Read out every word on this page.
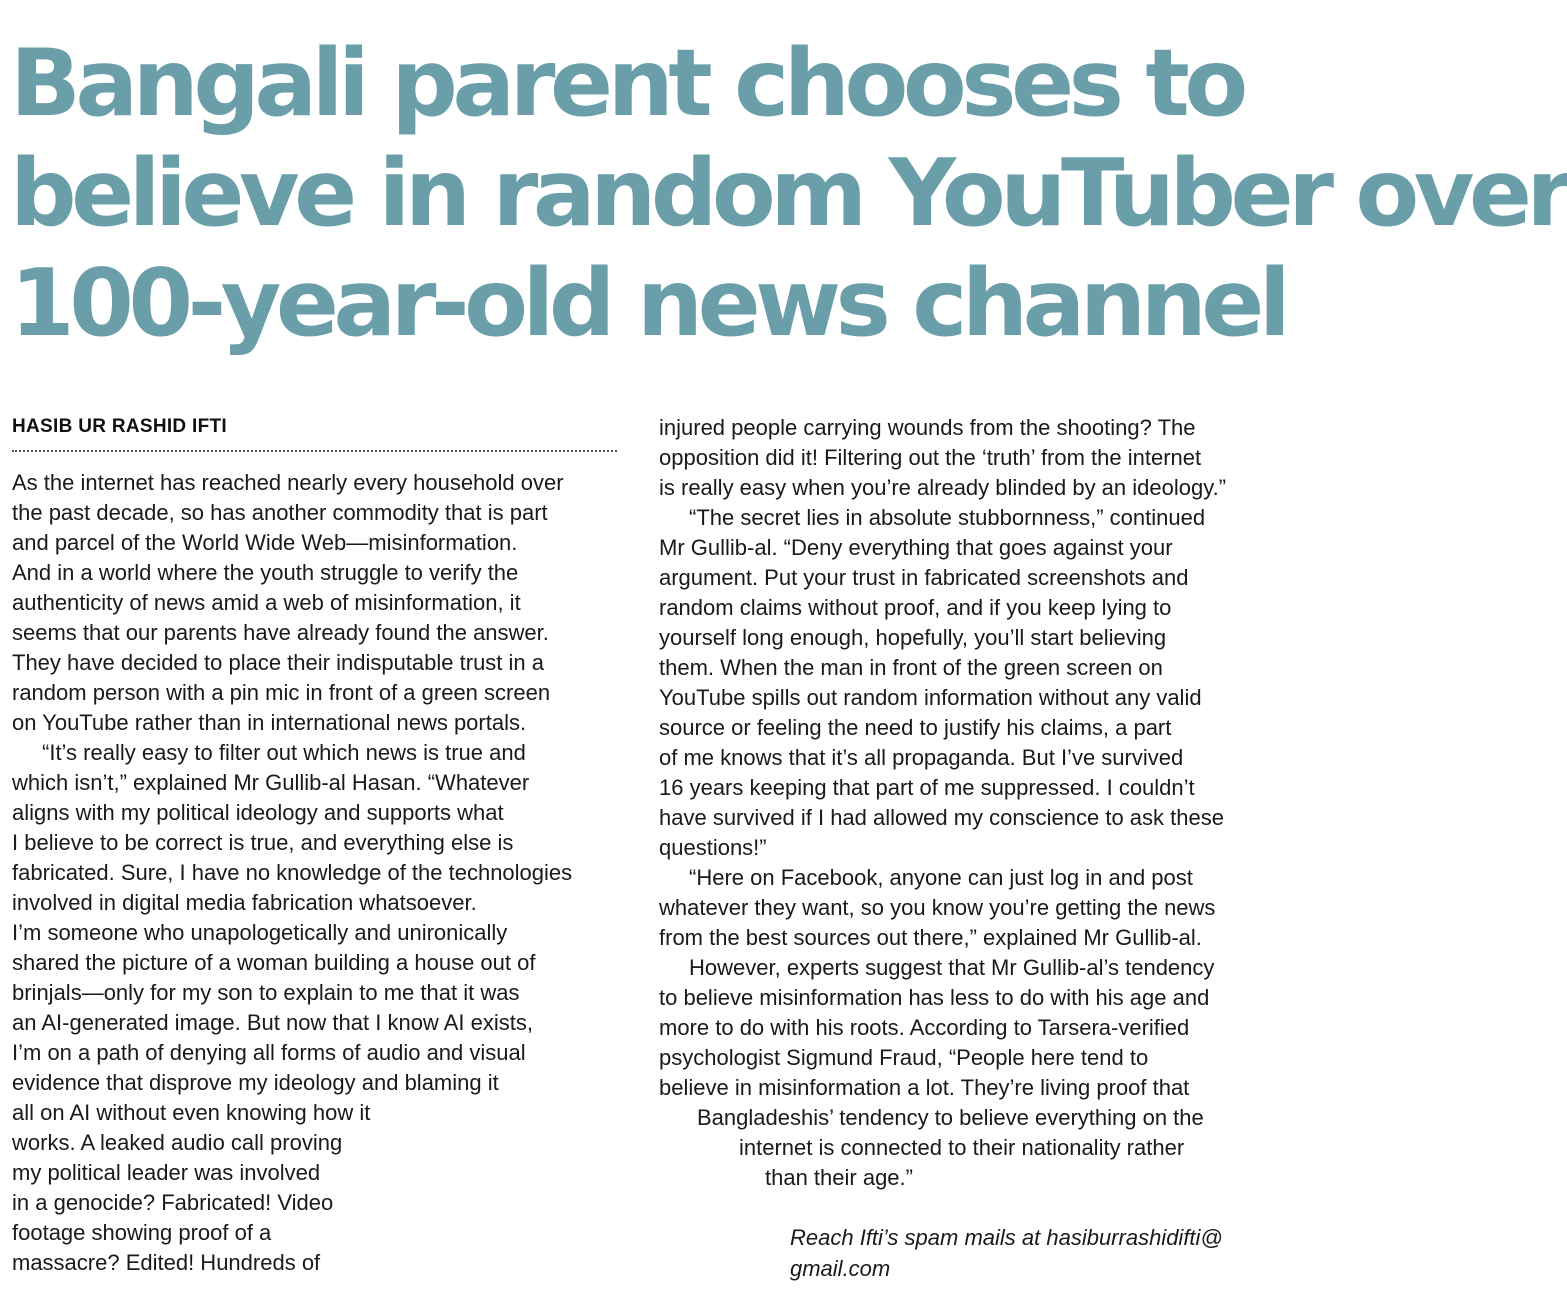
Bangali parent chooses to
believe in random YouTuber over
100-year-old news channel
HASIB UR RASHID IFTI
As the internet has reached nearly every household over
the past decade, so has another commodity that is part
and parcel of the World Wide Web—misinformation.
And in a world where the youth struggle to verify the
authenticity of news amid a web of misinformation, it
seems that our parents have already found the answer.
They have decided to place their indisputable trust in a
random person with a pin mic in front of a green screen
on YouTube rather than in international news portals.
“It’s really easy to filter out which news is true and
which isn’t,” explained Mr Gullib-al Hasan. “Whatever
aligns with my political ideology and supports what
I believe to be correct is true, and everything else is
fabricated. Sure, I have no knowledge of the technologies
involved in digital media fabrication whatsoever.
I’m someone who unapologetically and unironically
shared the picture of a woman building a house out of
brinjals—only for my son to explain to me that it was
an AI-generated image. But now that I know AI exists,
I’m on a path of denying all forms of audio and visual
evidence that disprove my ideology and blaming it
all on AI without even knowing how it
works. A leaked audio call proving
my political leader was involved
in a genocide? Fabricated! Video
footage showing proof of a
massacre? Edited! Hundreds of
injured people carrying wounds from the shooting? The
opposition did it! Filtering out the ‘truth’ from the internet
is really easy when you’re already blinded by an ideology.”
“The secret lies in absolute stubbornness,” continued
Mr Gullib-al. “Deny everything that goes against your
argument. Put your trust in fabricated screenshots and
random claims without proof, and if you keep lying to
yourself long enough, hopefully, you’ll start believing
them. When the man in front of the green screen on
YouTube spills out random information without any valid
source or feeling the need to justify his claims, a part
of me knows that it’s all propaganda. But I’ve survived
16 years keeping that part of me suppressed. I couldn’t
have survived if I had allowed my conscience to ask these
questions!”
“Here on Facebook, anyone can just log in and post
whatever they want, so you know you’re getting the news
from the best sources out there,” explained Mr Gullib-al.
However, experts suggest that Mr Gullib-al’s tendency
to believe misinformation has less to do with his age and
more to do with his roots. According to Tarsera-verified
psychologist Sigmund Fraud, “People here tend to
believe in misinformation a lot. They’re living proof that
Bangladeshis’ tendency to believe everything on the
internet is connected to their nationality rather
than their age.”
Reach Ifti’s spam mails at hasiburrashidifti@
gmail.com
